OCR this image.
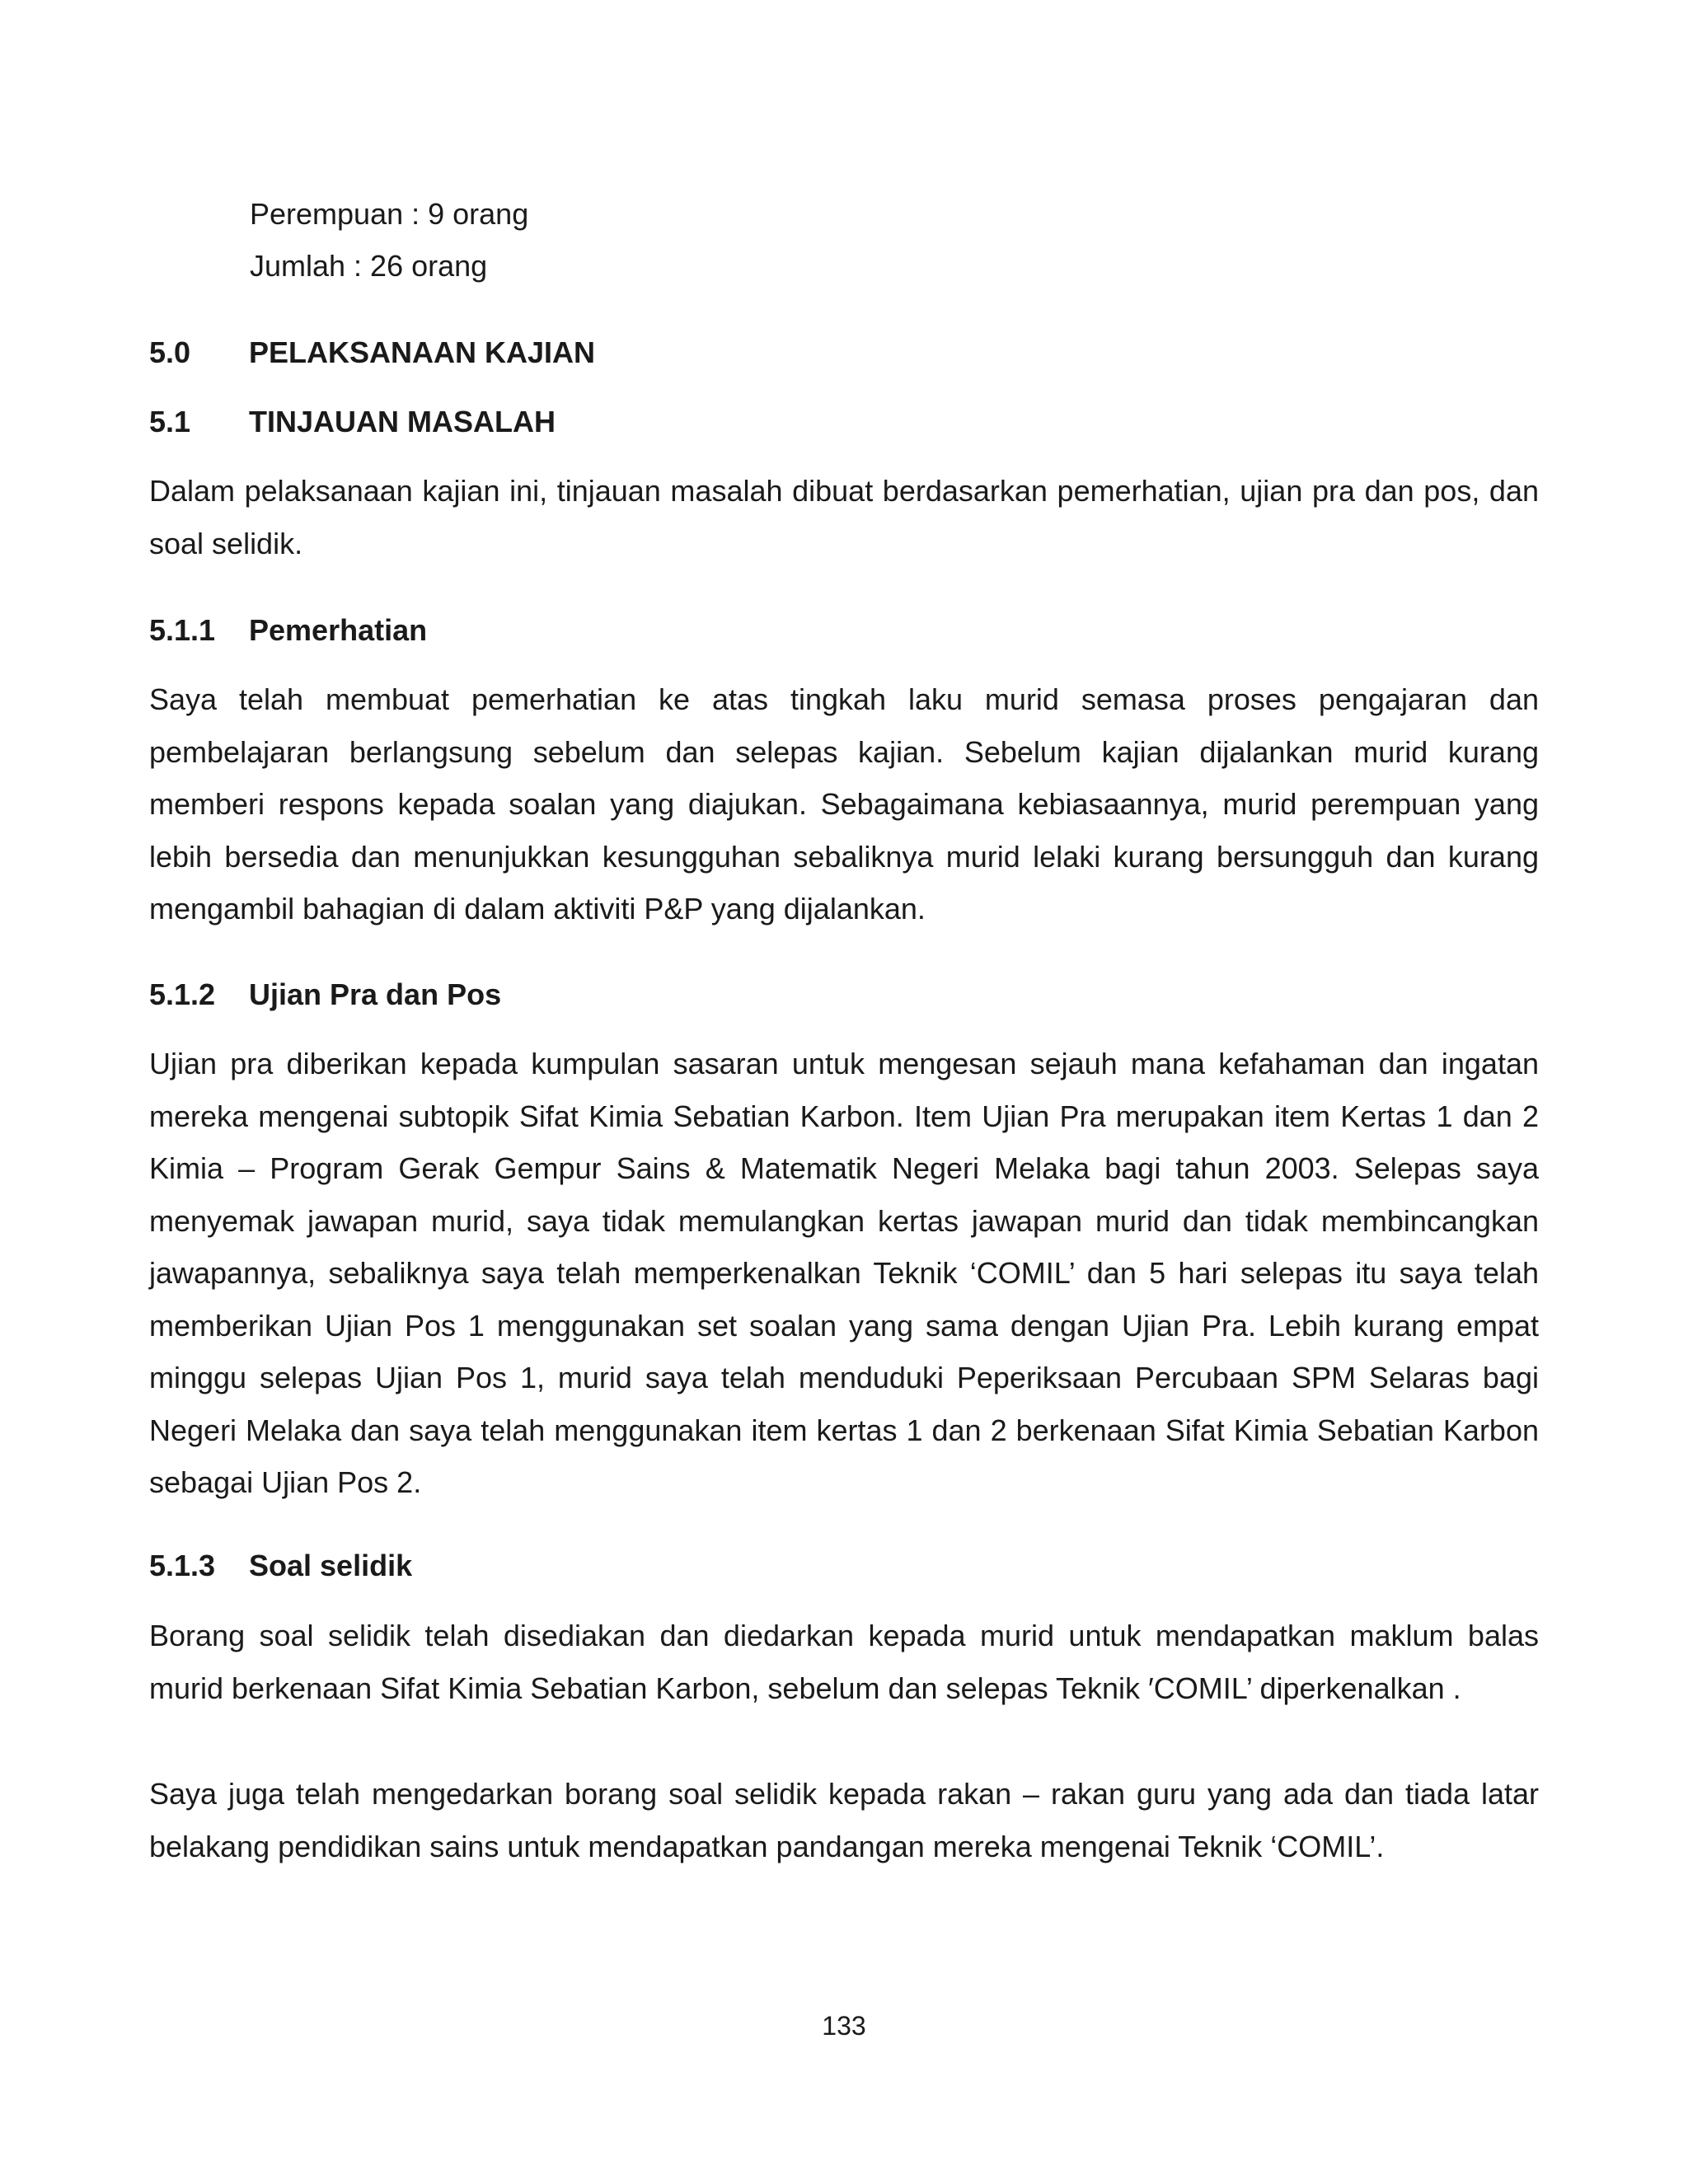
Perempuan : 9 orang
Jumlah : 26 orang
5.0 PELAKSANAAN KAJIAN
5.1 TINJAUAN MASALAH

Dalam pelaksanaan kajian ini, tinjauan masalah dibuat berdasarkan pemerhatian, ujian pra dan pos, dan soal selidik.

5.1.1 Pemerhatian

Saya telah membuat pemerhatian ke atas tingkah laku murid semasa proses pengajaran dan pembelajaran berlangsung sebelum dan selepas kajian. Sebelum kajian dijalankan murid kurang memberi respons kepada soalan yang diajukan. Sebagaimana kebiasaannya, murid perempuan yang lebih bersedia dan menunjukkan kesungguhan sebaliknya murid lelaki kurang bersungguh dan kurang mengambil bahagian di dalam aktiviti P&P yang dijalankan.

5.1.2 Ujian Pra dan Pos

Ujian pra diberikan kepada kumpulan sasaran untuk mengesan sejauh mana kefahaman dan ingatan mereka mengenai subtopik Sifat Kimia Sebatian Karbon. Item Ujian Pra merupakan item Kertas 1 dan 2 Kimia – Program Gerak Gempur Sains & Matematik Negeri Melaka bagi tahun 2003. Selepas saya menyemak jawapan murid, saya tidak memulangkan kertas jawapan murid dan tidak membincangkan jawapannya, sebaliknya saya telah memperkenalkan Teknik ‘COMIL’ dan 5 hari selepas itu saya telah memberikan Ujian Pos 1 menggunakan set soalan yang sama dengan Ujian Pra. Lebih kurang empat minggu selepas Ujian Pos 1, murid saya telah menduduki Peperiksaan Percubaan SPM Selaras bagi Negeri Melaka dan saya telah menggunakan item kertas 1 dan 2 berkenaan Sifat Kimia Sebatian Karbon sebagai Ujian Pos 2.

5.1.3 Soal selidik

Borang soal selidik telah disediakan dan diedarkan kepada murid untuk mendapatkan maklum balas murid berkenaan Sifat Kimia Sebatian Karbon, sebelum dan selepas Teknik ′COMIL’ diperkenalkan .

Saya juga telah mengedarkan borang soal selidik kepada rakan – rakan guru yang ada dan tiada latar belakang pendidikan sains untuk mendapatkan pandangan mereka mengenai Teknik ‘COMIL’.

133
